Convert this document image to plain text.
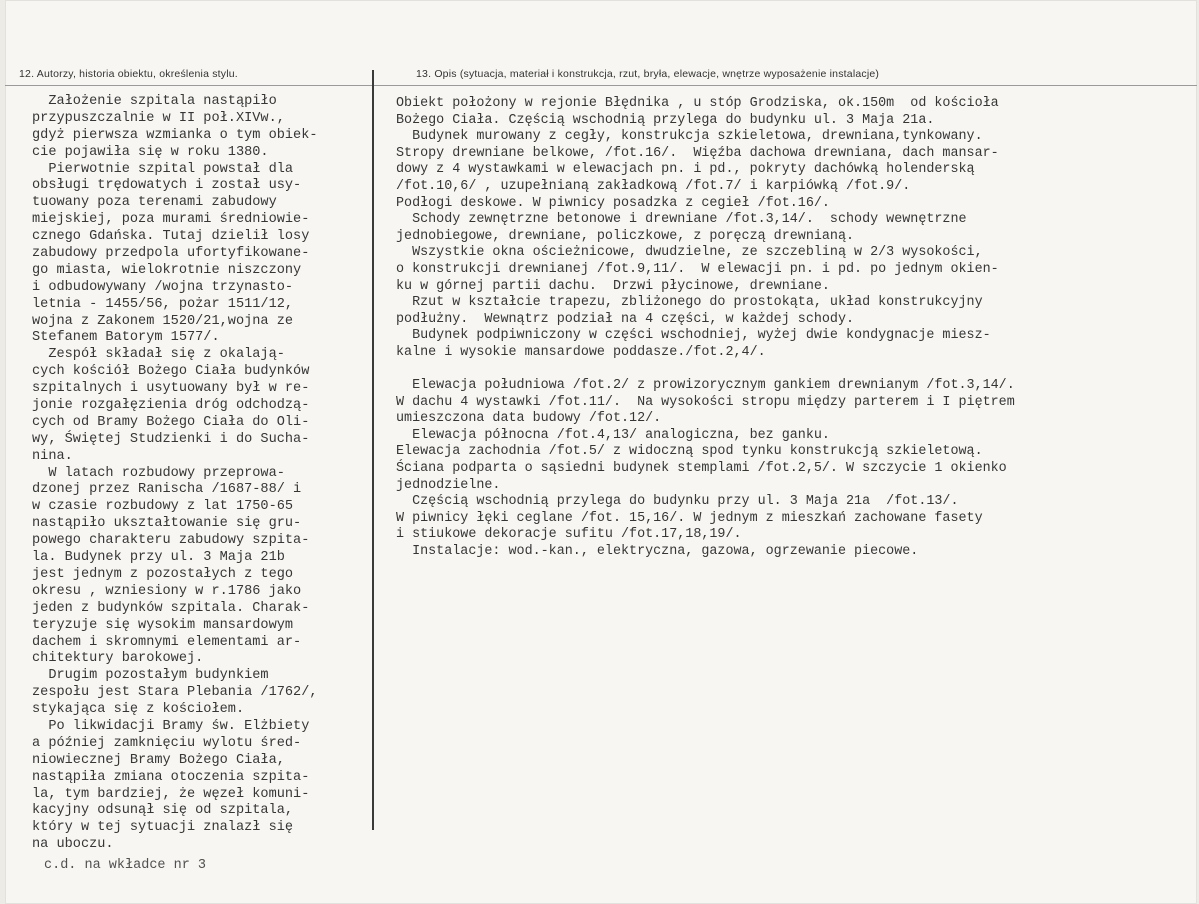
12. Autorzy, historia obiektu, określenia stylu.	13. Opis (sytuacja, materiał i konstrukcja, rzut, bryła, elewacje, wnętrze wyposażenie instalacje)
Założenie szpitala nastąpiło
przypuszczalnie w II poł.XIVw.,
gdyż pierwsza wzmianka o tym obiek-
cie pojawiła się w roku 1380.
Pierwotnie szpital powstał dla
obsługi trędowatych i został usy-
tuowany poza terenami zabudowy
miejskiej, poza murami średniowie-
cznego Gdańska. Tutaj dzielił losy
zabudowy przedpola ufortyfikowane-
go miasta, wielokrotnie niszczony
i odbudowywany /wojna trzynasto-
letnia - 1455/56, pożar 1511/12,
wojna z Zakonem 1520/21,wojna ze
Stefanem Batorym 1577/.
Zespół składał się z okalają-
cych kościół Bożego Ciała budynków
szpitalnych i usytuowany był w re-
jonie rozgałęzienia dróg odchodzą-
cych od Bramy Bożego Ciała do Oli-
wy, Świętej Studzienki i do Sucha-
nina.
W latach rozbudowy przeprowa-
dzonej przez Ranischa /1687-88/ i
w czasie rozbudowy z lat 1750-65
nastąpiło ukształtowanie się gru-
powego charakteru zabudowy szpita-
la. Budynek przy ul. 3 Maja 21b
jest jednym z pozostałych z tego
okresu , wzniesiony w r.1786 jako
jeden z budynków szpitala. Charak-
teryzuje się wysokim mansardowym
dachem i skromnymi elementami ar-
chitektury barokowej.
Drugim pozostałym budynkiem
zespołu jest Stara Plebania /1762/,
stykająca się z kościołem.
Po likwidacji Bramy św. Elżbiety
a później zamknięciu wylotu śred-
niowiecznej Bramy Bożego Ciała,
nastąpiła zmiana otoczenia szpita-
la, tym bardziej, że węzeł komuni-
kacyjny odsunął się od szpitala,
który w tej sytuacji znalazł się
na uboczu.
Obiekt położony w rejonie Błędnika , u stóp Grodziska, ok.150m  od kościoła
Bożego Ciała. Częścią wschodnią przylega do budynku ul. 3 Maja 21a.
Budynek murowany z cegły, konstrukcja szkieletowa, drewniana,tynkowany.
Stropy drewniane belkowe, /fot.16/.  Więźba dachowa drewniana, dach mansar-
dowy z 4 wystawkami w elewacjach pn. i pd., pokryty dachówką holenderską
/fot.10,6/ , uzupełnianą zakładkową /fot.7/ i karpiówką /fot.9/.
Podłogi deskowe. W piwnicy posadzka z cegieł /fot.16/.
Schody zewnętrzne betonowe i drewniane /fot.3,14/.  schody wewnętrzne
jednobiegowe, drewniane, policzkowe, z poręczą drewnianą.
Wszystkie okna ościeżnicowe, dwudzielne, ze szczebliną w 2/3 wysokości,
o konstrukcji drewnianej /fot.9,11/.  W elewacji pn. i pd. po jednym okien-
ku w górnej partii dachu.  Drzwi płycinowe, drewniane.
Rzut w kształcie trapezu, zbliżonego do prostokąta, układ konstrukcyjny
podłużny.  Wewnątrz podział na 4 części, w każdej schody.
Budynek podpiwniczony w części wschodniej, wyżej dwie kondygnacje miesz-
kalne i wysokie mansardowe poddasze./fot.2,4/.
Elewacja południowa /fot.2/ z prowizorycznym gankiem drewnianym /fot.3,14/.
W dachu 4 wystawki /fot.11/.  Na wysokości stropu między parterem i I piętrem
umieszczona data budowy /fot.12/.
Elewacja północna /fot.4,13/ analogiczna, bez ganku.
Elewacja zachodnia /fot.5/ z widoczną spod tynku konstrukcją szkieletową.
Ściana podparta o sąsiedni budynek stemplami /fot.2,5/. W szczycie 1 okienko
jednodzielne.
Częścią wschodnią przylega do budynku przy ul. 3 Maja 21a  /fot.13/.
W piwnicy łęki ceglane /fot. 15,16/. W jednym z mieszkań zachowane fasety
i stiukowe dekoracje sufitu /fot.17,18,19/.
Instalacje: wod.-kan., elektryczna, gazowa, ogrzewanie piecowe.
c.d. na wkładce nr 3
